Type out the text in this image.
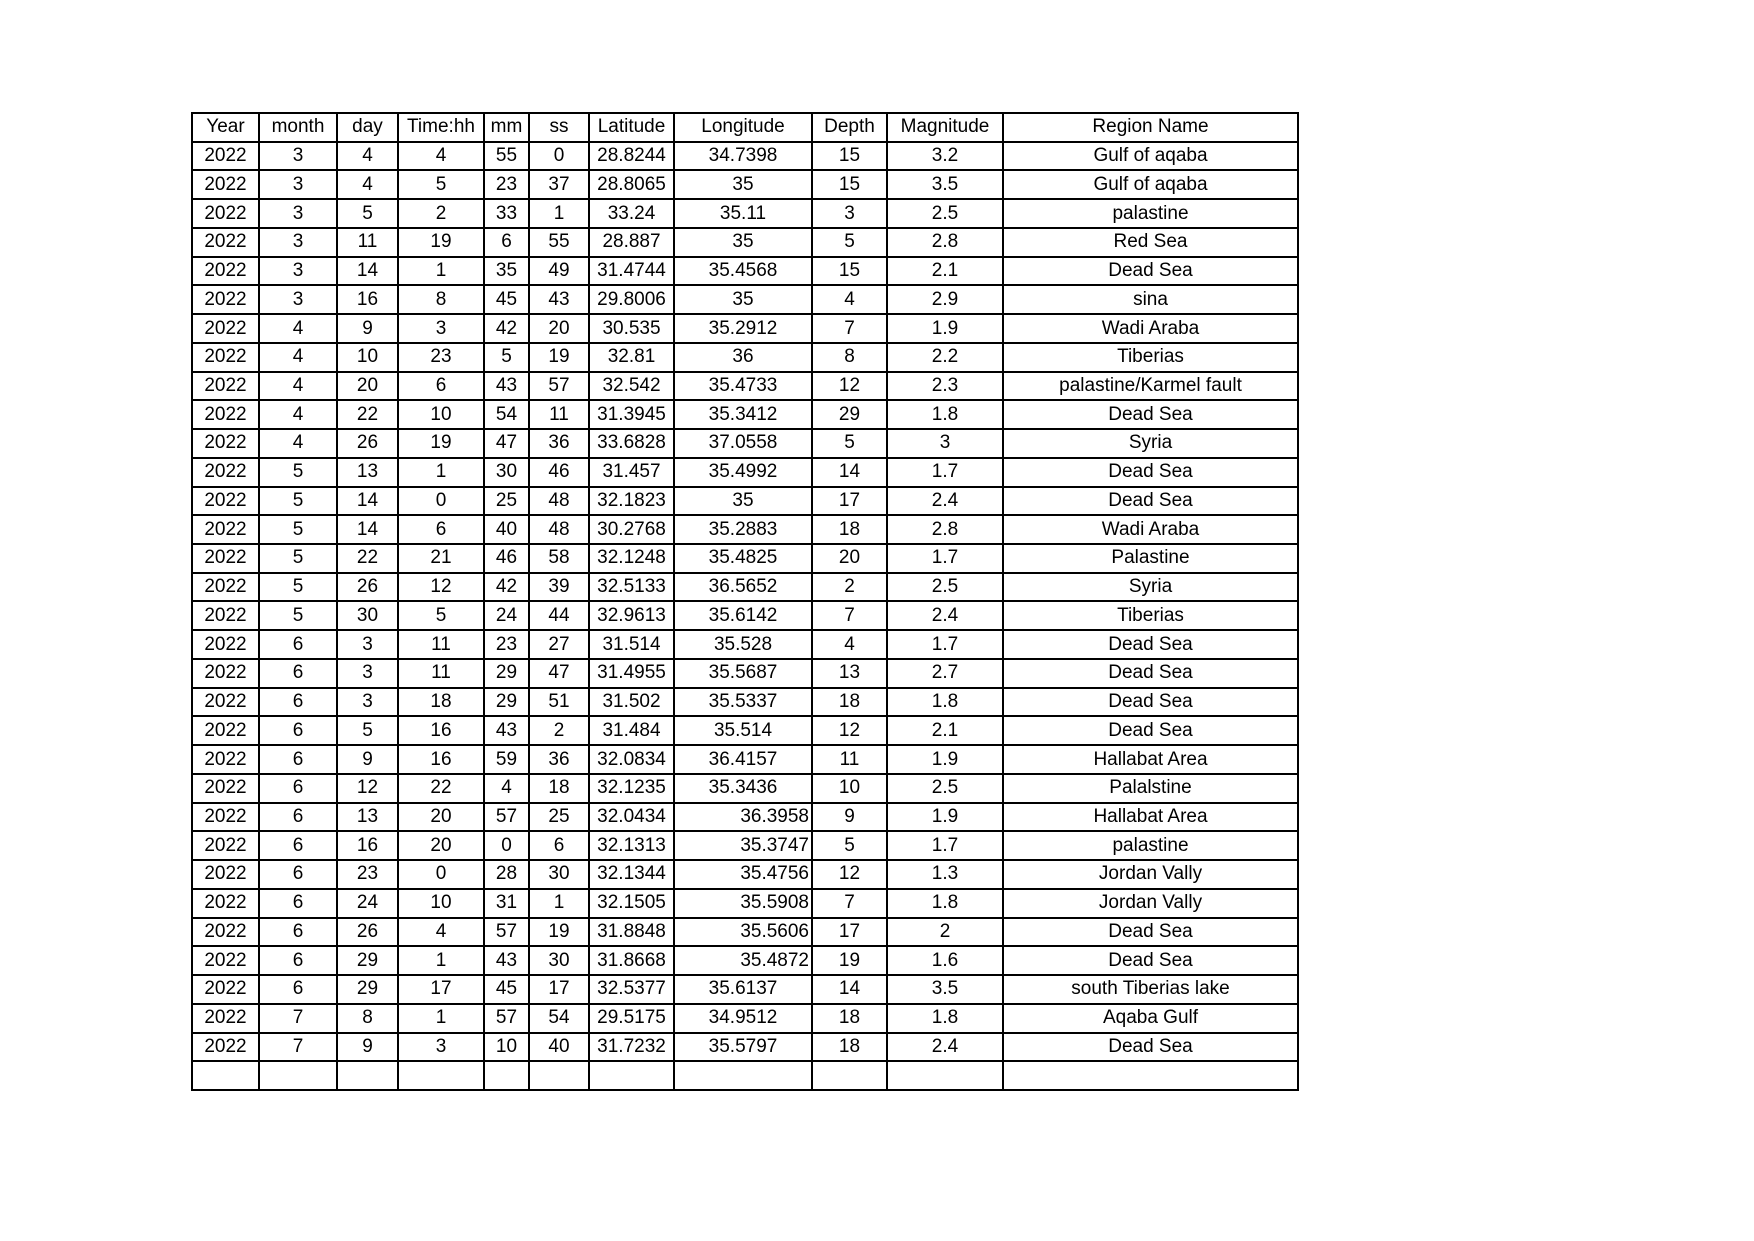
Year	month	day	Time:hh	mm	ss	Latitude	Longitude	Depth	Magnitude	Region Name
2022	3	4	4	55	0	28.8244	34.7398	15	3.2	Gulf of aqaba
2022	3	4	5	23	37	28.8065	35	15	3.5	Gulf of aqaba
2022	3	5	2	33	1	33.24	35.11	3	2.5	palastine
2022	3	11	19	6	55	28.887	35	5	2.8	Red Sea
2022	3	14	1	35	49	31.4744	35.4568	15	2.1	Dead Sea
2022	3	16	8	45	43	29.8006	35	4	2.9	sina
2022	4	9	3	42	20	30.535	35.2912	7	1.9	Wadi Araba
2022	4	10	23	5	19	32.81	36	8	2.2	Tiberias
2022	4	20	6	43	57	32.542	35.4733	12	2.3	palastine/Karmel fault
2022	4	22	10	54	11	31.3945	35.3412	29	1.8	Dead Sea
2022	4	26	19	47	36	33.6828	37.0558	5	3	Syria
2022	5	13	1	30	46	31.457	35.4992	14	1.7	Dead Sea
2022	5	14	0	25	48	32.1823	35	17	2.4	Dead Sea
2022	5	14	6	40	48	30.2768	35.2883	18	2.8	Wadi Araba
2022	5	22	21	46	58	32.1248	35.4825	20	1.7	Palastine
2022	5	26	12	42	39	32.5133	36.5652	2	2.5	Syria
2022	5	30	5	24	44	32.9613	35.6142	7	2.4	Tiberias
2022	6	3	11	23	27	31.514	35.528	4	1.7	Dead Sea
2022	6	3	11	29	47	31.4955	35.5687	13	2.7	Dead Sea
2022	6	3	18	29	51	31.502	35.5337	18	1.8	Dead Sea
2022	6	5	16	43	2	31.484	35.514	12	2.1	Dead Sea
2022	6	9	16	59	36	32.0834	36.4157	11	1.9	Hallabat Area
2022	6	12	22	4	18	32.1235	35.3436	10	2.5	Palalstine
2022	6	13	20	57	25	32.0434	36.3958	9	1.9	Hallabat Area
2022	6	16	20	0	6	32.1313	35.3747	5	1.7	palastine
2022	6	23	0	28	30	32.1344	35.4756	12	1.3	Jordan Vally
2022	6	24	10	31	1	32.1505	35.5908	7	1.8	Jordan Vally
2022	6	26	4	57	19	31.8848	35.5606	17	2	Dead Sea
2022	6	29	1	43	30	31.8668	35.4872	19	1.6	Dead Sea
2022	6	29	17	45	17	32.5377	35.6137	14	3.5	south Tiberias lake
2022	7	8	1	57	54	29.5175	34.9512	18	1.8	Aqaba Gulf
2022	7	9	3	10	40	31.7232	35.5797	18	2.4	Dead Sea
